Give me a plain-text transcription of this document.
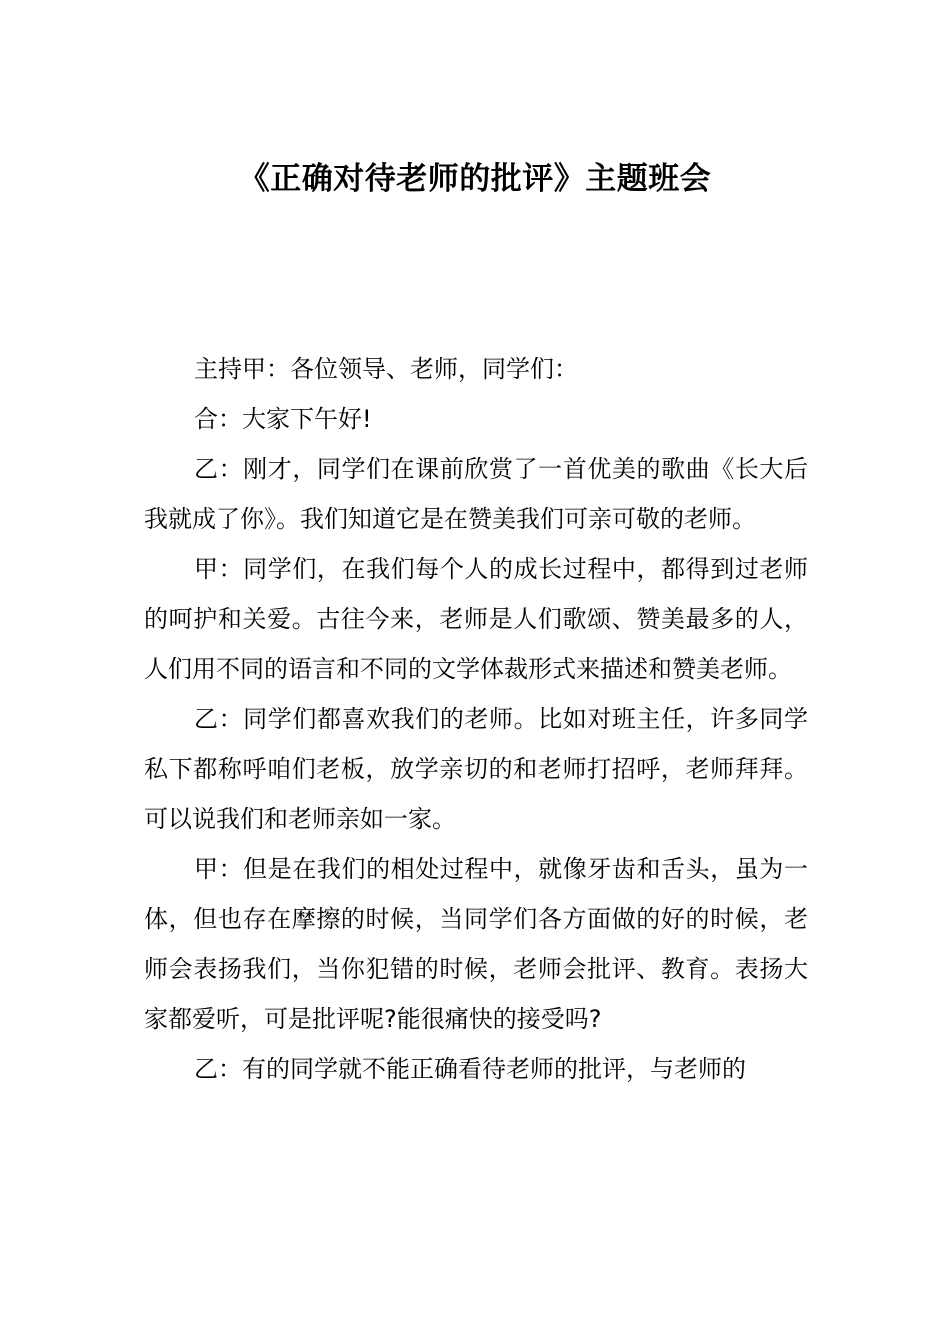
《正确对待老师的批评》主题班会

主持甲：各位领导、老师，同学们：

合：大家下午好!

乙：刚才，同学们在课前欣赏了一首优美的歌曲《长大后我就成了你》。我们知道它是在赞美我们可亲可敬的老师。

甲：同学们，在我们每个人的成长过程中，都得到过老师的呵护和关爱。古往今来，老师是人们歌颂、赞美最多的人，人们用不同的语言和不同的文学体裁形式来描述和赞美老师。

乙：同学们都喜欢我们的老师。比如对班主任，许多同学私下都称呼咱们老板，放学亲切的和老师打招呼，老师拜拜。可以说我们和老师亲如一家。

甲：但是在我们的相处过程中，就像牙齿和舌头，虽为一体，但也存在摩擦的时候，当同学们各方面做的好的时候，老师会表扬我们，当你犯错的时候，老师会批评、教育。表扬大家都爱听，可是批评呢?能很痛快的接受吗?

乙：有的同学就不能正确看待老师的批评，与老师的
